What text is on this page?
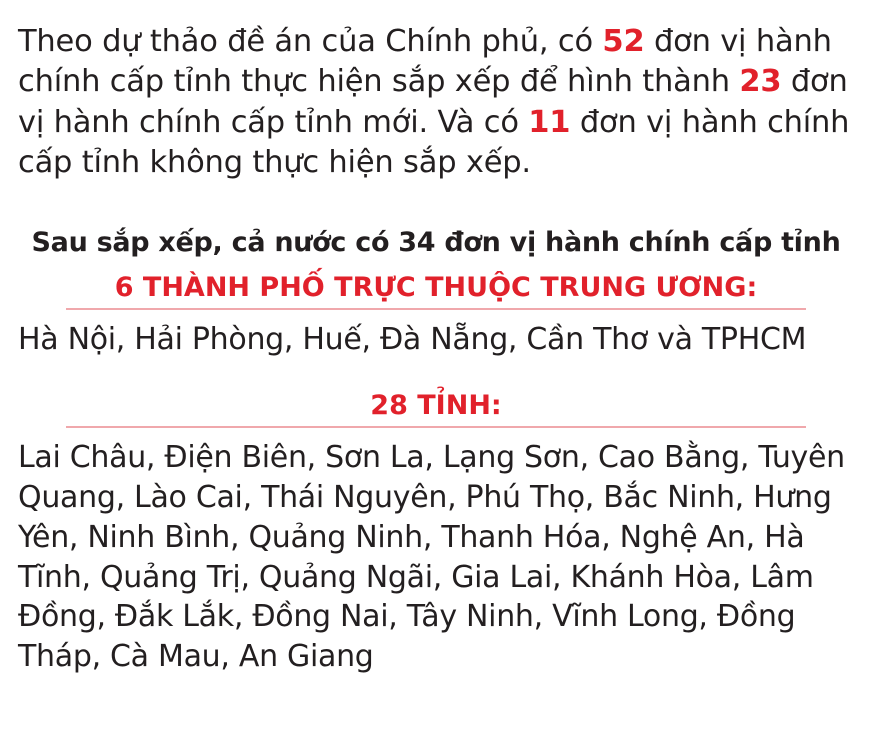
Theo dự thảo đề án của Chính phủ, có 52 đơn vị hành chính cấp tỉnh thực hiện sắp xếp để hình thành 23 đơn vị hành chính cấp tỉnh mới. Và có 11 đơn vị hành chính cấp tỉnh không thực hiện sắp xếp.

Sau sắp xếp, cả nước có 34 đơn vị hành chính cấp tỉnh
6 THÀNH PHỐ TRỰC THUỘC TRUNG ƯƠNG:

Hà Nội, Hải Phòng, Huế, Đà Nẵng, Cần Thơ và TPHCM

28 TỈNH:

Lai Châu, Điện Biên, Sơn La, Lạng Sơn, Cao Bằng, Tuyên Quang, Lào Cai, Thái Nguyên, Phú Thọ, Bắc Ninh, Hưng Yên, Ninh Bình, Quảng Ninh, Thanh Hóa, Nghệ An, Hà Tĩnh, Quảng Trị, Quảng Ngãi, Gia Lai, Khánh Hòa, Lâm Đồng, Đắk Lắk, Đồng Nai, Tây Ninh, Vĩnh Long, Đồng Tháp, Cà Mau, An Giang
